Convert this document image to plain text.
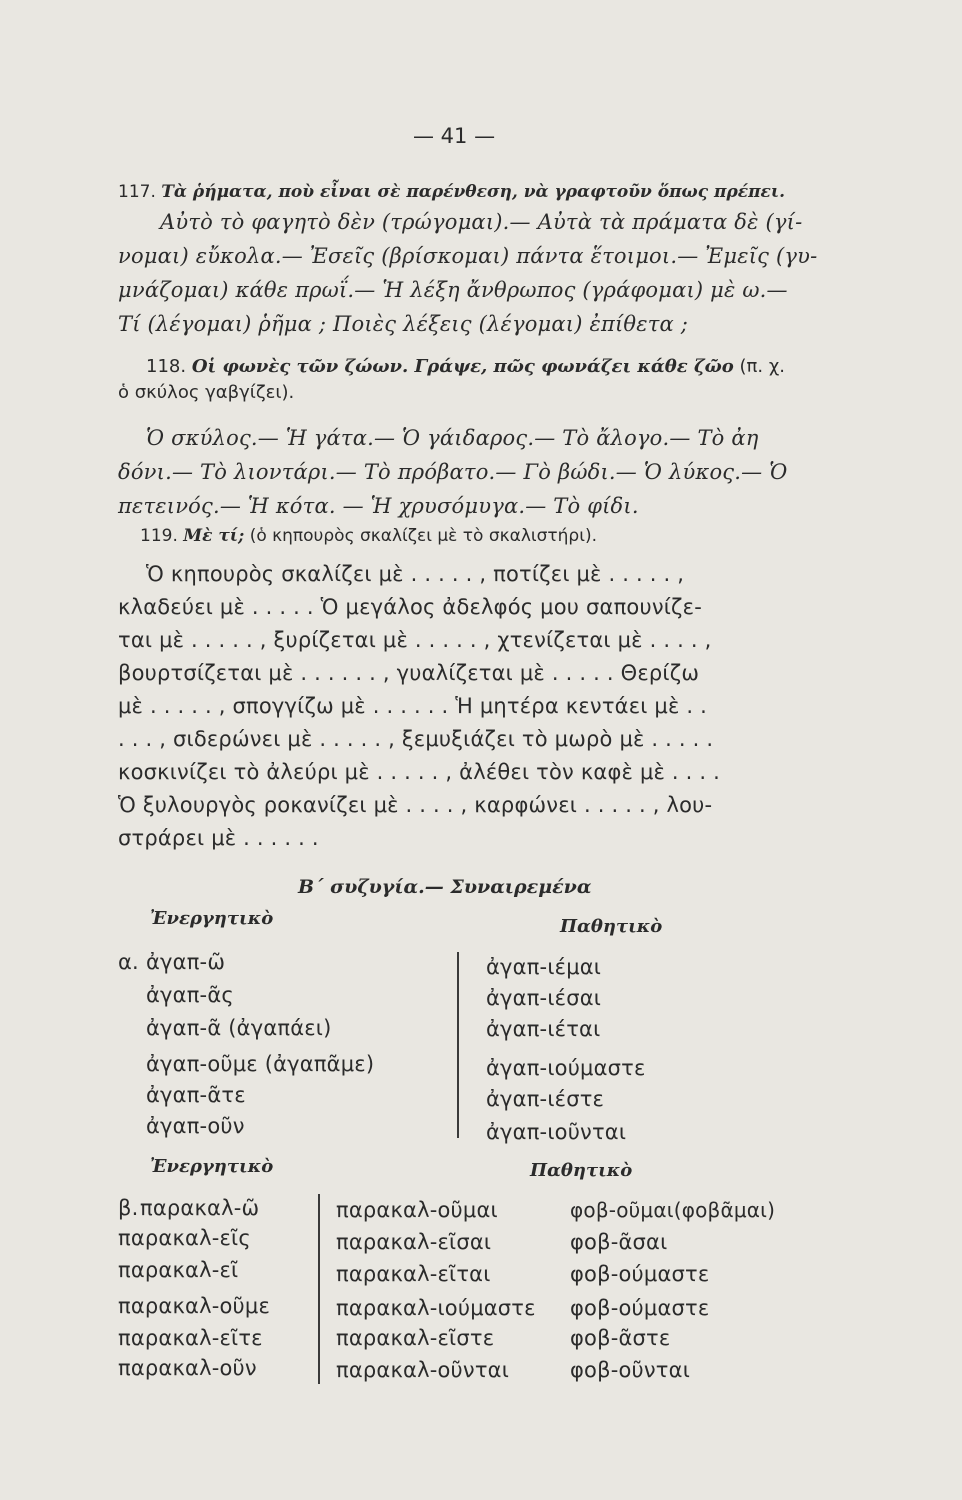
— 41 —
117. Τὰ ῥήματα, ποὺ εἶναι σὲ παρένθεση, νὰ γραφτοῦν ὅπως πρέπει.
Αὐτὸ τὸ φαγητὸ δὲν (τρώγομαι).— Αὐτὰ τὰ πράματα δὲ (γί-
νομαι) εὔκολα.— Ἐσεῖς (βρίσκομαι) πάντα ἕτοιμοι.— Ἐμεῖς (γυ-
μνάζομαι) κάθε πρωΐ.— Ἡ λέξη ἄνθρωπος (γράφομαι) μὲ ω.—
Τί (λέγομαι) ῥῆμα ; Ποιὲς λέξεις (λέγομαι) ἐπίθετα ;
118. Οἱ φωνὲς τῶν ζώων. Γράψε, πῶς φωνάζει κάθε ζῶο (π. χ.
ὁ σκύλος γαβγίζει).
Ὁ σκύλος.— Ἡ γάτα.— Ὁ γάιδαρος.— Τὸ ἄλογο.— Τὸ ἀη
δόνι.— Τὸ λιοντάρι.— Τὸ πρόβατο.— Γὸ βώδι.— Ὁ λύκος.— Ὁ
πετεινός.— Ἡ κότα. — Ἡ χρυσόμυγα.— Τὸ φίδι.
119. Μὲ τί; (ὁ κηπουρὸς σκαλίζει μὲ τὸ σκαλιστήρι).
Ὁ κηπουρὸς σκαλίζει μὲ . . . . . , ποτίζει μὲ . . . . . ,
κλαδεύει μὲ . . . . . Ὁ μεγάλος ἀδελφός μου σαπουνίζε-
ται μὲ . . . . . , ξυρίζεται μὲ . . . . . , χτενίζεται μὲ . . . . ,
βουρτσίζεται μὲ . . . . . . , γυαλίζεται μὲ . . . . . Θερίζω
μὲ . . . . . , σπογγίζω μὲ . . . . . . Ἡ μητέρα κεντάει μὲ . .
. . . , σιδερώνει μὲ . . . . . , ξεμυξιάζει τὸ μωρὸ μὲ . . . . .
κοσκινίζει τὸ ἀλεύρι μὲ . . . . . , ἀλέθει τὸν καφὲ μὲ . . . .
Ὁ ξυλουργὸς ροκανίζει μὲ . . . . , καρφώνει . . . . . , λου-
στράρει μὲ . . . . . .
Β΄ συζυγία.— Συναιρεμένα
Ἐνεργητικὸ	Παθητικὸ
α. ἀγαπ-ῶ
ἀγαπ-ᾶς
ἀγαπ-ᾶ (ἀγαπάει)
ἀγαπ-οῦμε (ἀγαπᾶμε)
ἀγαπ-ᾶτε
ἀγαπ-οῦν
ἀγαπ-ιέμαι
ἀγαπ-ιέσαι
ἀγαπ-ιέται
ἀγαπ-ιούμαστε
ἀγαπ-ιέστε
ἀγαπ-ιοῦνται
Ἐνεργητικὸ	Παθητικὸ
β. παρακαλ-ῶ
παρακαλ-εῖς
παρακαλ-εῖ
παρακαλ-οῦμε
παρακαλ-εῖτε
παρακαλ-οῦν
παρακαλ-οῦμαι
παρακαλ-εῖσαι
παρακαλ-εῖται
παρακαλ-ιούμαστε
παρακαλ-εῖστε
παρακαλ-οῦνται
φοβ-οῦμαι(φοβᾶμαι)
φοβ-ᾶσαι
φοβ-ούμαστε
φοβ-ούμαστε
φοβ-ᾶστε
φοβ-οῦνται
